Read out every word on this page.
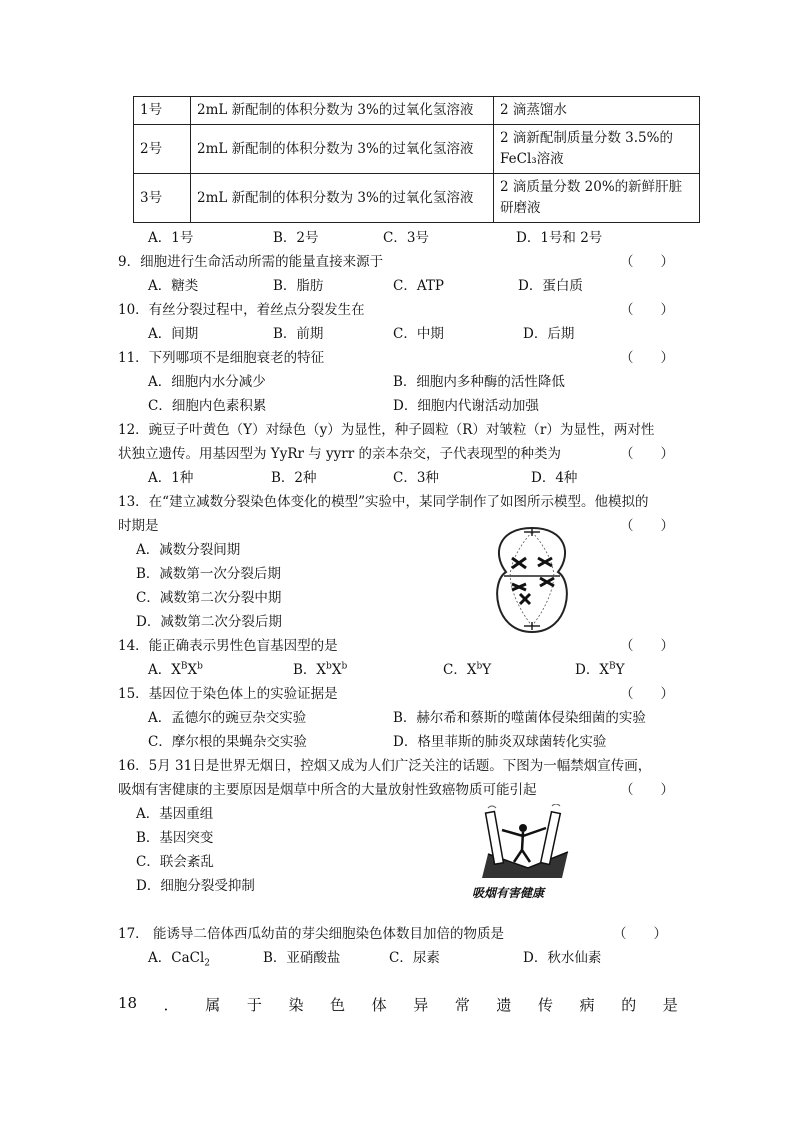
1号	2mL 新配制的体积分数为 3%的过氧化氢溶液	2 滴蒸馏水
2号	2mL 新配制的体积分数为 3%的过氧化氢溶液	2 滴新配制质量分数 3.5%的
FeCl₃溶液

3号	2mL 新配制的体积分数为 3%的过氧化氢溶液	2 滴质量分数 20%的新鲜肝脏
研磨液
A．1号	B．2号	C．3号	D．1号和 2号
9．细胞进行生命活动所需的能量直接来源于	（　　）
A．糖类	B．脂肪	C．ATP	D．蛋白质
10．有丝分裂过程中，着丝点分裂发生在	（　　）
A．间期	B．前期	C．中期	D．后期
11．下列哪项不是细胞衰老的特征	（　　）
A．细胞内水分减少	B．细胞内多种酶的活性降低
C．细胞内色素积累	D．细胞内代谢活动加强
12．豌豆子叶黄色（Y）对绿色（y）为显性，种子圆粒（R）对皱粒（r）为显性，两对性
状独立遗传。用基因型为 YyRr 与 yyrr 的亲本杂交，子代表现型的种类为	（　　）
A．1种	B．2种	C．3种	D．4种
13．在“建立减数分裂染色体变化的模型”实验中，某同学制作了如图所示模型。他模拟的
时期是	（　　）
A．减数分裂间期
B．减数第一次分裂后期
C．减数第二次分裂中期
D．减数第二次分裂后期
14．能正确表示男性色盲基因型的是	（　　）
A．$X^BX^b$	B．$X^bX^b$	C．$X^bY$	D．$X^BY$
15．基因位于染色体上的实验证据是	（　　）
A．孟德尔的豌豆杂交实验	B．赫尔希和蔡斯的噬菌体侵染细菌的实验
C．摩尔根的果蝇杂交实验	D．格里菲斯的肺炎双球菌转化实验
16．5月 31日是世界无烟日，控烟又成为人们广泛关注的话题。下图为一幅禁烟宣传画，
吸烟有害健康的主要原因是烟草中所含的大量放射性致癌物质可能引起	（　　）
A．基因重组
B．基因突变
C．联会紊乱
D．细胞分裂受抑制	吸烟有害健康
17． 能诱导二倍体西瓜幼苗的芽尖细胞染色体数目加倍的物质是	（　　）
A．CaCl$_2$	B．亚硝酸盐	C．尿素	D．秋水仙素
18 ． 属 于 染 色 体 异 常 遗 传 病 的 是
